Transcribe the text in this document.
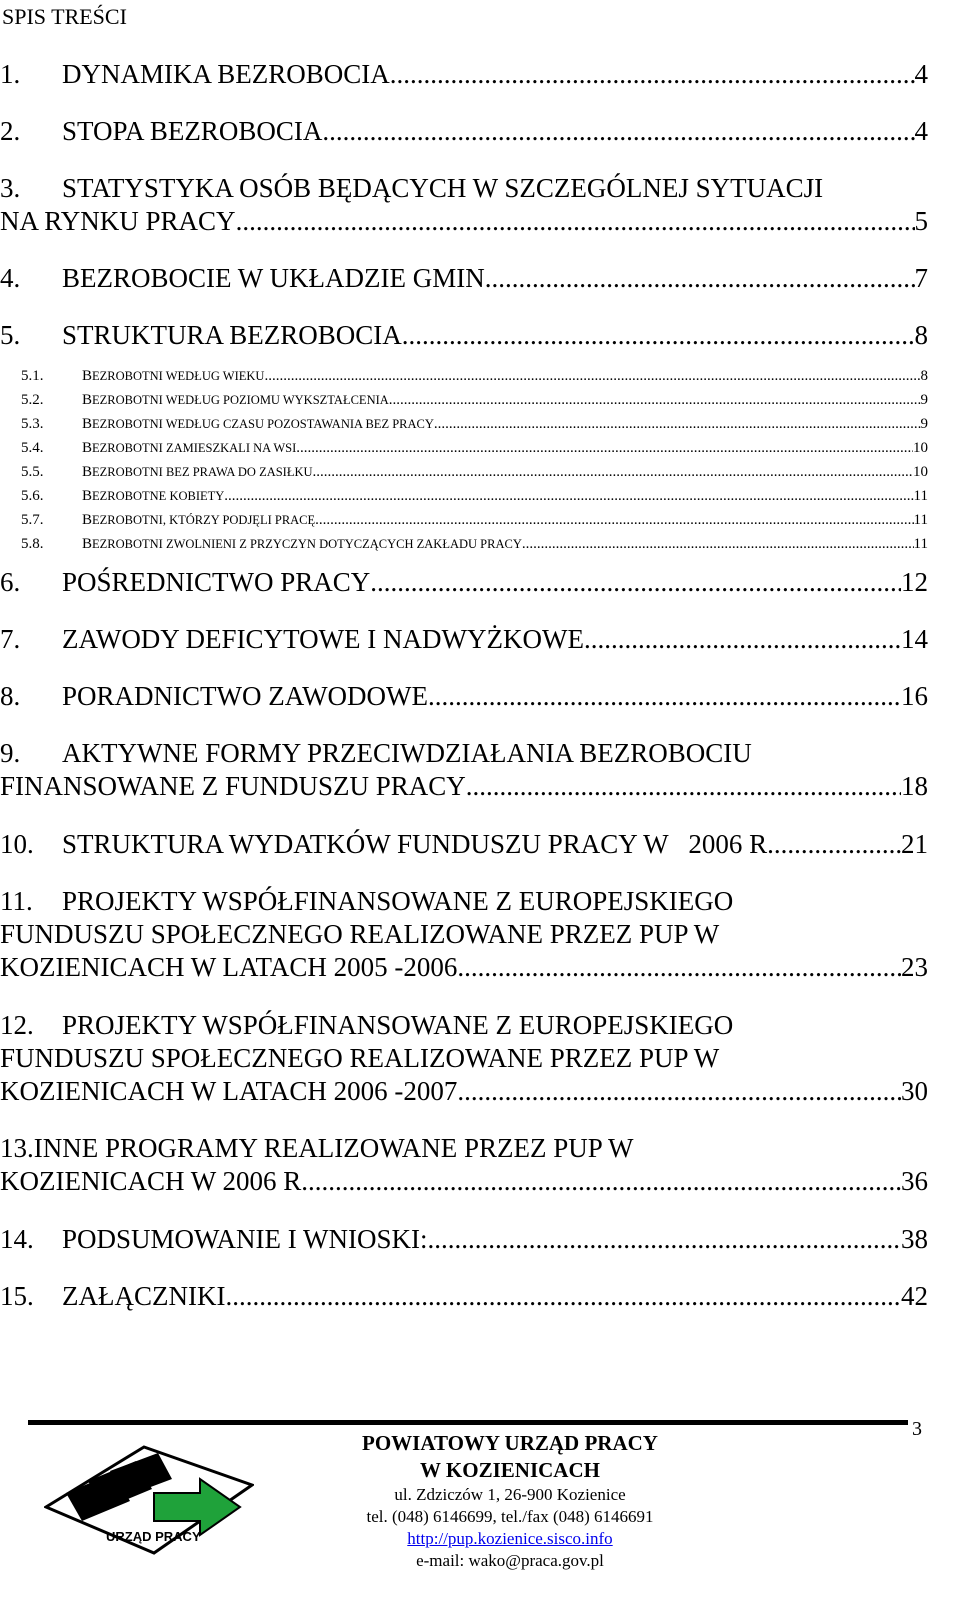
SPIS TREŚCI
1.	DYNAMIKA BEZROBOCIA .....	4
2.	STOPA BEZROBOCIA .....	4
3. STATYSTYKA OSÓB BĘDĄCYCH W SZCZEGÓLNEJ SYTUACJI
NA RYNKU PRACY .....	5
4.	BEZROBOCIE W UKŁADZIE GMIN .....	7
5.	STRUKTURA BEZROBOCIA .....	8
5.1.	BEZROBOTNI WEDŁUG WIEKU .....	8
5.2.	BEZROBOTNI WEDŁUG POZIOMU WYKSZTAŁCENIA .....	9
5.3.	BEZROBOTNI WEDŁUG CZASU POZOSTAWANIA BEZ PRACY .....	9
5.4.	BEZROBOTNI ZAMIESZKALI NA WSI .....	10
5.5.	BEZROBOTNI BEZ PRAWA DO ZASIŁKU .....	10
5.6.	BEZROBOTNE KOBIETY .....	11
5.7.	BEZROBOTNI, KTÓRZY PODJĘLI PRACĘ .....	11
5.8.	BEZROBOTNI ZWOLNIENI Z PRZYCZYN DOTYCZĄCYCH ZAKŁADU PRACY .....	11
6.	POŚREDNICTWO PRACY .....	12
7.	ZAWODY DEFICYTOWE I NADWYŻKOWE .....	14
8.	PORADNICTWO ZAWODOWE .....	16
9. AKTYWNE FORMY PRZECIWDZIAŁANIA BEZROBOCIU
FINANSOWANE Z FUNDUSZU PRACY .....	18
10.	STRUKTURA WYDATKÓW FUNDUSZU PRACY W   2006 R. .....	21
11. PROJEKTY WSPÓŁFINANSOWANE Z EUROPEJSKIEGO
FUNDUSZU SPOŁECZNEGO REALIZOWANE PRZEZ PUP W
KOZIENICACH W LATACH 2005 -2006 .....	23
12. PROJEKTY WSPÓŁFINANSOWANE Z EUROPEJSKIEGO
FUNDUSZU SPOŁECZNEGO REALIZOWANE PRZEZ PUP W
KOZIENICACH W LATACH 2006 -2007 .....	30
13.INNE PROGRAMY REALIZOWANE PRZEZ PUP W
KOZIENICACH W 2006 R. .....	36
14.	PODSUMOWANIE I WNIOSKI: .....	38
15.	ZAŁĄCZNIKI .....	42
3
URZĄD PRACY
POWIATOWY URZĄD PRACY
W KOZIENICACH
ul. Zdziczów 1, 26-900 Kozienice
tel. (048) 6146699, tel./fax (048) 6146691
http://pup.kozienice.sisco.info
e-mail: wako@praca.gov.pl
